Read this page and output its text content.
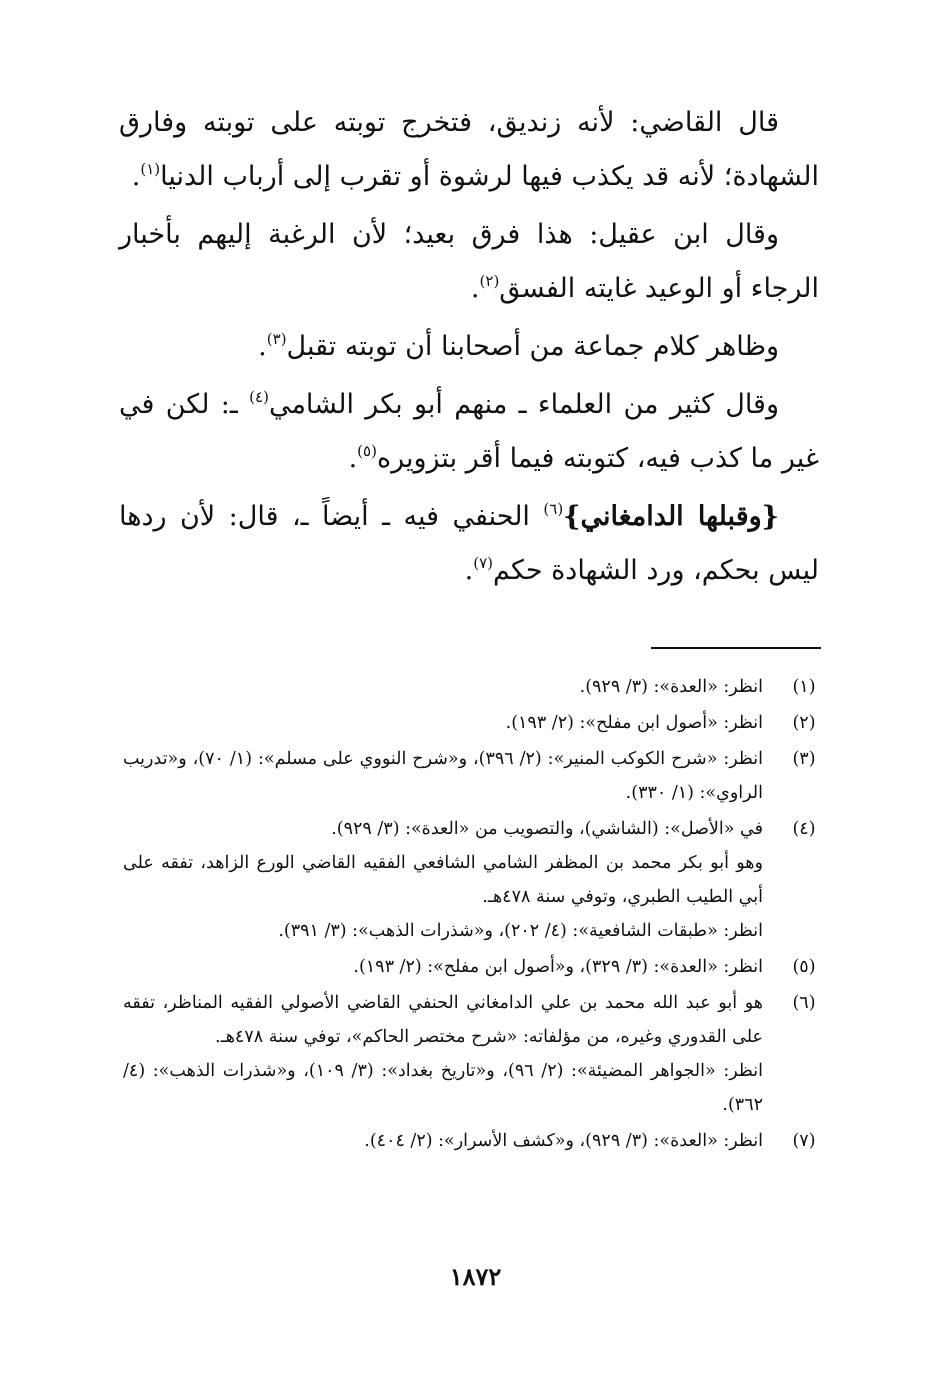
قال القاضي: لأنه زنديق، فتخرج توبته على توبته وفارق الشهادة؛ لأنه قد يكذب فيها لرشوة أو تقرب إلى أرباب الدنيا$^{(١)}$.

وقال ابن عقيل: هذا فرق بعيد؛ لأن الرغبة إليهم بأخبار الرجاء أو الوعيد غايته الفسق$^{(٢)}$.

وظاهر كلام جماعة من أصحابنا أن توبته تقبل$^{(٣)}$.

وقال كثير من العلماء ـ منهم أبو بكر الشامي$^{(٤)}$ ـ: لكن في غير ما كذب فيه، كتوبته فيما أقر بتزويره$^{(٥)}$.

{وقبلها الدامغاني}$^{(٦)}$ الحنفي فيه ـ أيضاً ـ، قال: لأن ردها ليس بحكم، ورد الشهادة حكم$^{(٧)}$.

(١)
انظر: «العدة»: (٣/ ٩٢٩).
(٢)
انظر: «أصول ابن مفلح»: (٢/ ١٩٣).
(٣)
انظر: «شرح الكوكب المنير»: (٢/ ٣٩٦)، و«شرح النووي على مسلم»: (١/ ٧٠)، و«تدريب الراوي»: (١/ ٣٣٠).
(٤)
في «الأصل»: (الشاشي)، والتصويب من «العدة»: (٣/ ٩٢٩).
وهو أبو بكر محمد بن المظفر الشامي الشافعي الفقيه القاضي الورع الزاهد، تفقه على أبي الطيب الطبري، وتوفي سنة ٤٧٨هـ.
انظر: «طبقات الشافعية»: (٤/ ٢٠٢)، و«شذرات الذهب»: (٣/ ٣٩١).
(٥)
انظر: «العدة»: (٣/ ٣٢٩)، و«أصول ابن مفلح»: (٢/ ١٩٣).
(٦)
هو أبو عبد الله محمد بن علي الدامغاني الحنفي القاضي الأصولي الفقيه المناظر، تفقه على القدوري وغيره، من مؤلفاته: «شرح مختصر الحاكم»، توفي سنة ٤٧٨هـ.
انظر: «الجواهر المضيئة»: (٢/ ٩٦)، و«تاريخ بغداد»: (٣/ ١٠٩)، و«شذرات الذهب»: (٤/ ٣٦٢).
(٧)
انظر: «العدة»: (٣/ ٩٢٩)، و«كشف الأسرار»: (٢/ ٤٠٤).
١٨٧٢
